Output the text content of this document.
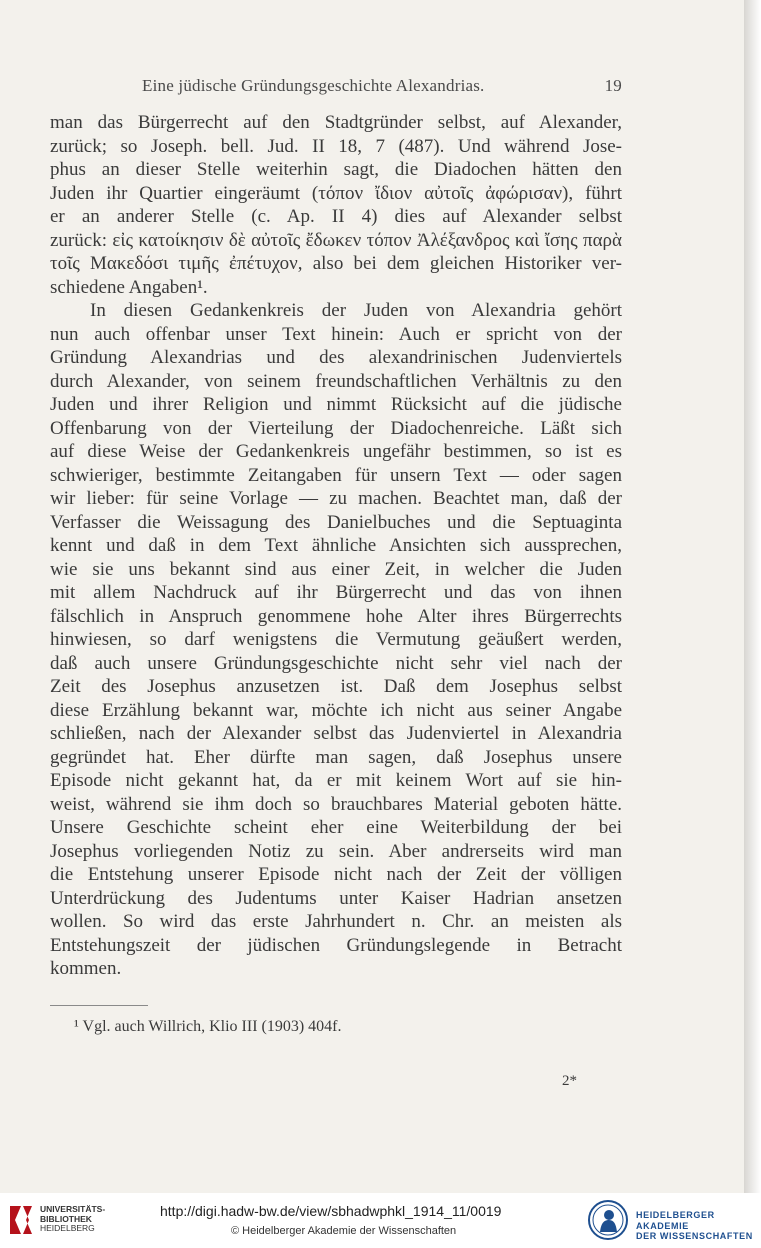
Eine jüdische Gründungsgeschichte Alexandrias.	19
man das Bürgerrecht auf den Stadtgründer selbst, auf Alexander,
zurück; so Joseph. bell. Jud. II 18, 7 (487). Und während Jose-
phus an dieser Stelle weiterhin sagt, die Diadochen hätten den
Juden ihr Quartier eingeräumt (τόπον ἴδιον αὐτοῖς ἀφώρισαν), führt
er an anderer Stelle (c. Ap. II 4) dies auf Alexander selbst
zurück: εἰς κατοίκησιν δὲ αὐτοῖς ἔδωκεν τόπον Ἀλέξανδρος καὶ ἴσης παρὰ
τοῖς Μακεδόσι τιμῆς ἐπέτυχον, also bei dem gleichen Historiker ver-
schiedene Angaben¹.
In diesen Gedankenkreis der Juden von Alexandria gehört
nun auch offenbar unser Text hinein: Auch er spricht von der
Gründung Alexandrias und des alexandrinischen Judenviertels
durch Alexander, von seinem freundschaftlichen Verhältnis zu den
Juden und ihrer Religion und nimmt Rücksicht auf die jüdische
Offenbarung von der Vierteilung der Diadochenreiche. Läßt sich
auf diese Weise der Gedankenkreis ungefähr bestimmen, so ist es
schwieriger, bestimmte Zeitangaben für unsern Text — oder sagen
wir lieber: für seine Vorlage — zu machen. Beachtet man, daß der
Verfasser die Weissagung des Danielbuches und die Septuaginta
kennt und daß in dem Text ähnliche Ansichten sich aussprechen,
wie sie uns bekannt sind aus einer Zeit, in welcher die Juden
mit allem Nachdruck auf ihr Bürgerrecht und das von ihnen
fälschlich in Anspruch genommene hohe Alter ihres Bürgerrechts
hinwiesen, so darf wenigstens die Vermutung geäußert werden,
daß auch unsere Gründungsgeschichte nicht sehr viel nach der
Zeit des Josephus anzusetzen ist. Daß dem Josephus selbst
diese Erzählung bekannt war, möchte ich nicht aus seiner Angabe
schließen, nach der Alexander selbst das Judenviertel in Alexandria
gegründet hat. Eher dürfte man sagen, daß Josephus unsere
Episode nicht gekannt hat, da er mit keinem Wort auf sie hin-
weist, während sie ihm doch so brauchbares Material geboten hätte.
Unsere Geschichte scheint eher eine Weiterbildung der bei
Josephus vorliegenden Notiz zu sein. Aber andrerseits wird man
die Entstehung unserer Episode nicht nach der Zeit der völligen
Unterdrückung des Judentums unter Kaiser Hadrian ansetzen
wollen. So wird das erste Jahrhundert n. Chr. an meisten als
Entstehungszeit der jüdischen Gründungslegende in Betracht
kommen.
¹ Vgl. auch Willrich, Klio III (1903) 404f.
2*
UNIVERSITÄTS-
BIBLIOTHEK
HEIDELBERG
http://digi.hadw-bw.de/view/sbhadwphkl_1914_11/0019
© Heidelberger Akademie der Wissenschaften
HEIDELBERGER AKADEMIE
DER WISSENSCHAFTEN
